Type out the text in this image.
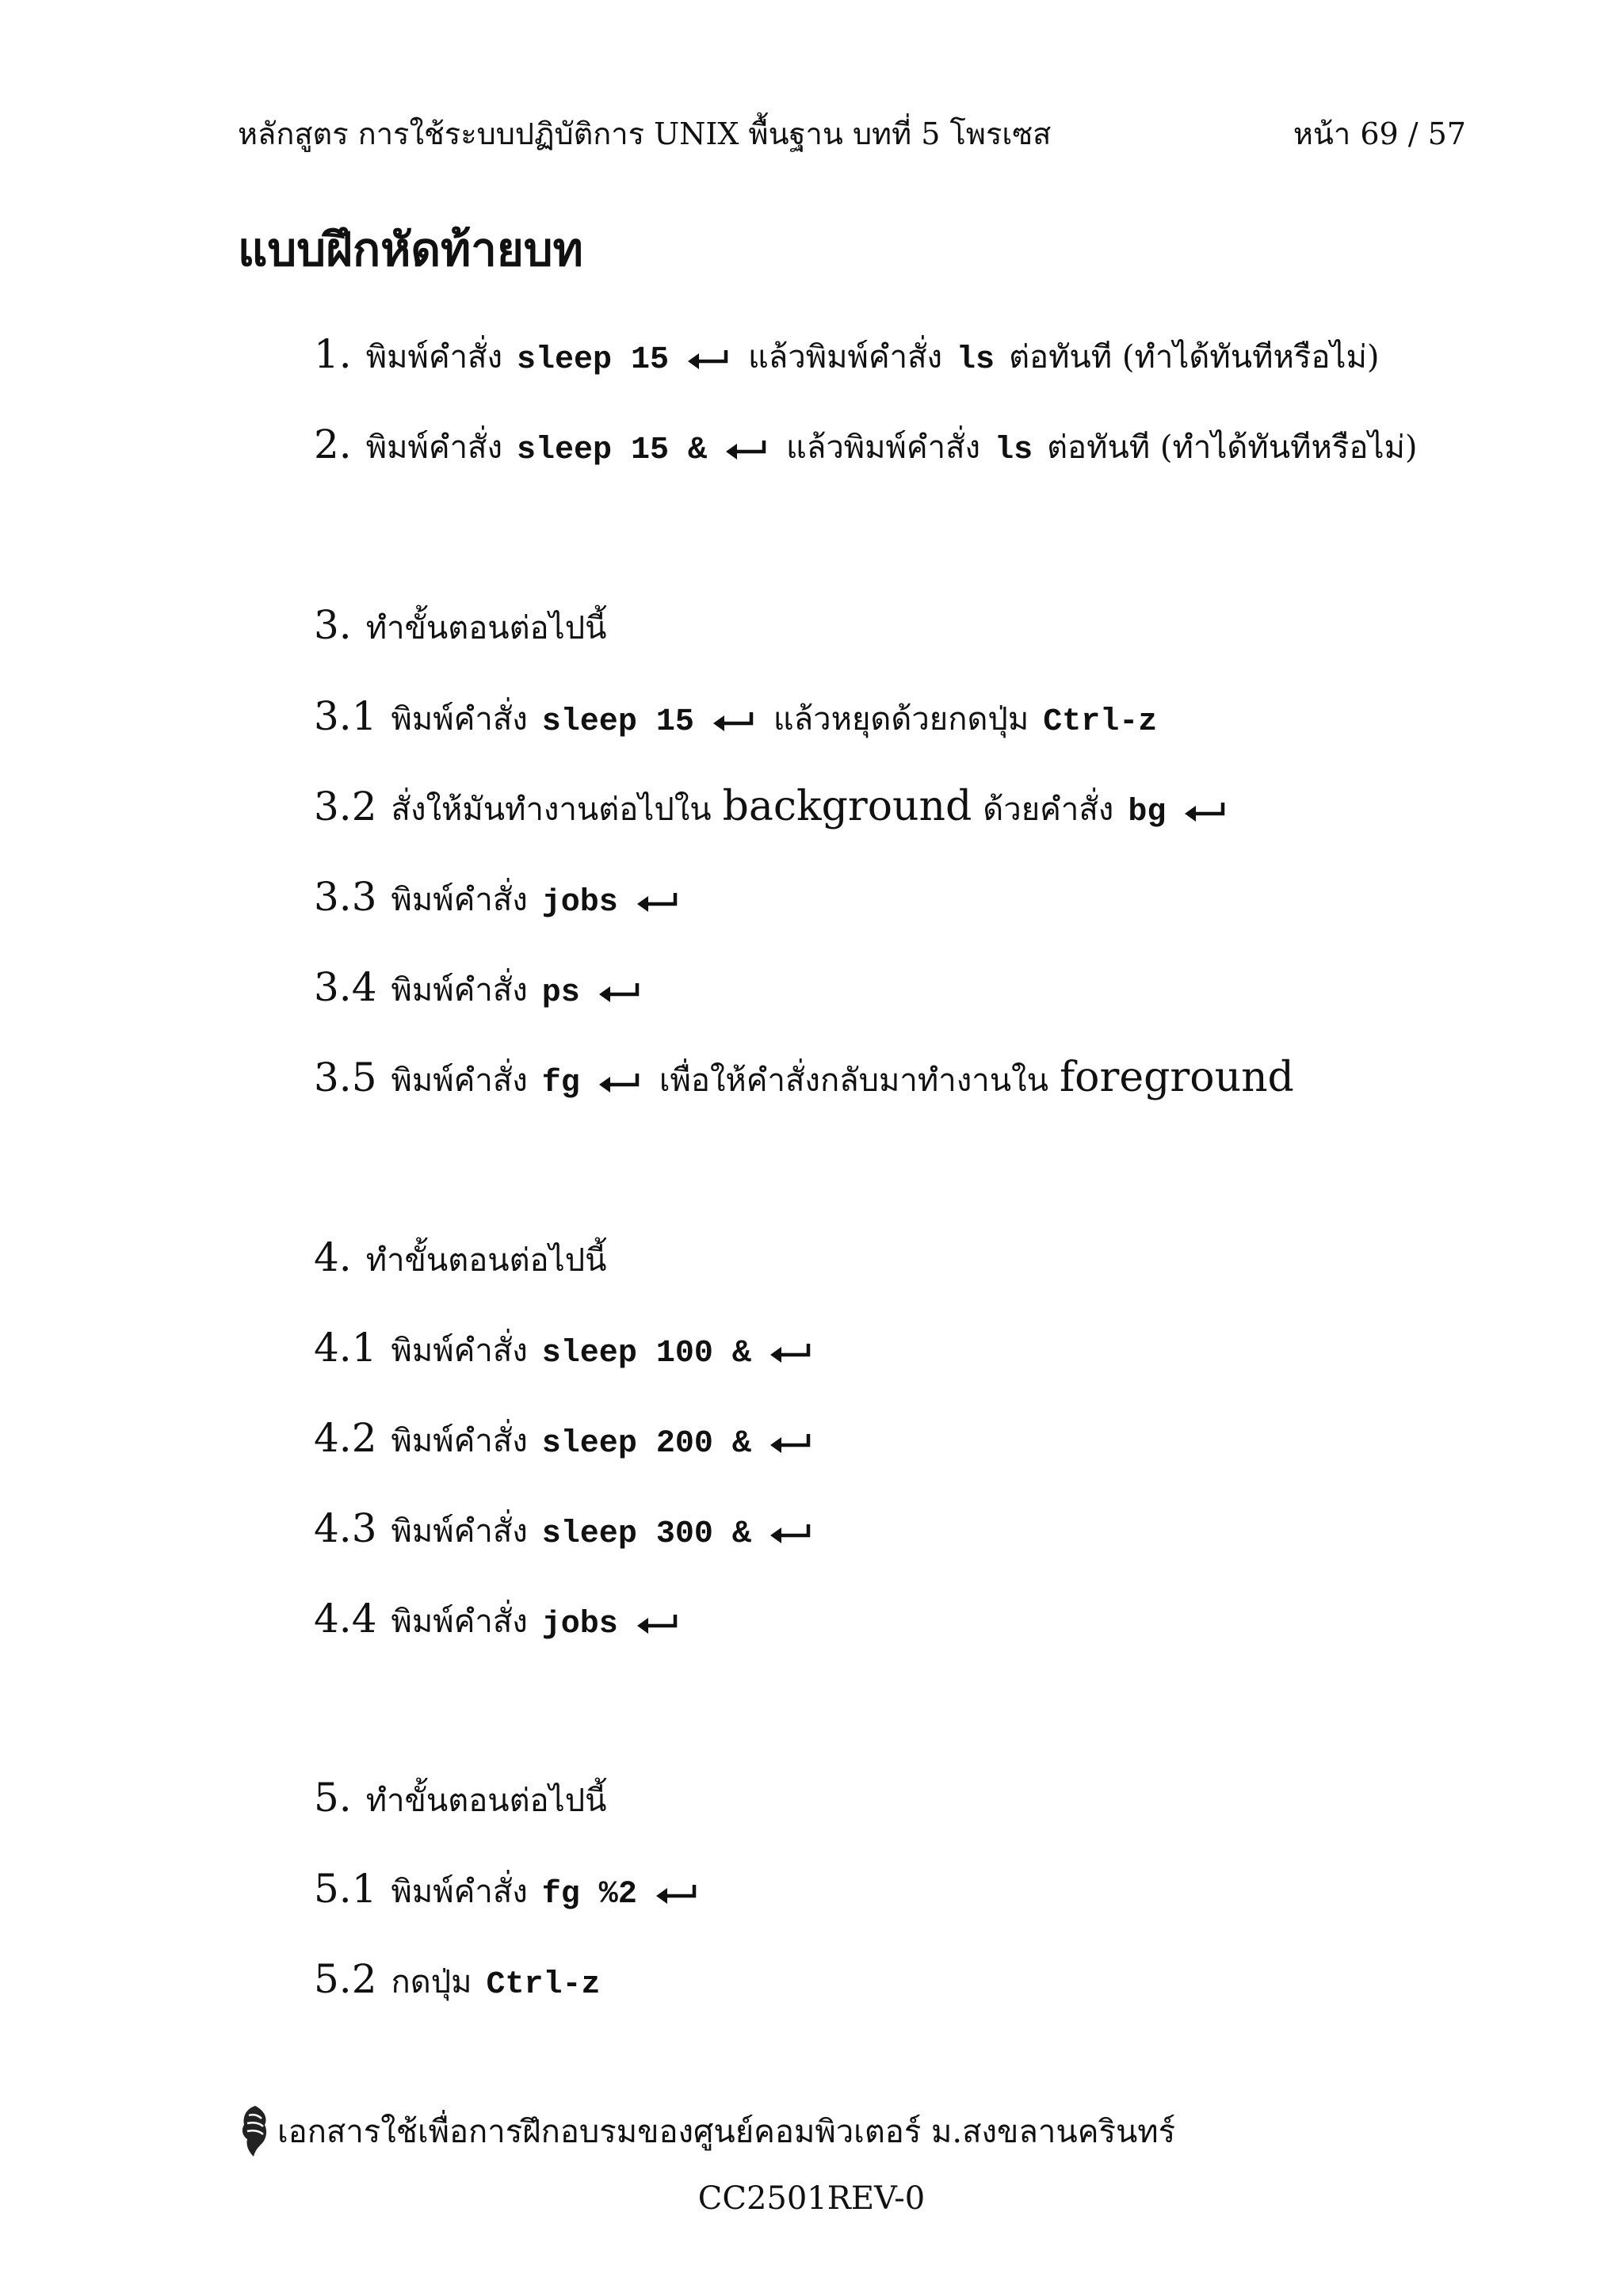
หลักสูตร การใช้ระบบปฏิบัติการ UNIX พื้นฐาน บทที่ 5 โพรเซส	หน้า 69 / 57
แบบฝึกหัดท้ายบท
1. พิมพ์คำสั่ง sleep 15	แล้วพิมพ์คำสั่ง ls ต่อทันที (ทำได้ทันทีหรือไม่)
2. พิมพ์คำสั่ง sleep 15 &	แล้วพิมพ์คำสั่ง ls ต่อทันที (ทำได้ทันทีหรือไม่)
3. ทำขั้นตอนต่อไปนี้
3.1 พิมพ์คำสั่ง sleep 15	แล้วหยุดด้วยกดปุ่ม Ctrl-z
3.2 สั่งให้มันทำงานต่อไปใน background ด้วยคำสั่ง bg
3.3 พิมพ์คำสั่ง jobs
3.4 พิมพ์คำสั่ง ps
3.5 พิมพ์คำสั่ง fg	เพื่อให้คำสั่งกลับมาทำงานใน foreground
4. ทำขั้นตอนต่อไปนี้
4.1 พิมพ์คำสั่ง sleep 100 &
4.2 พิมพ์คำสั่ง sleep 200 &
4.3 พิมพ์คำสั่ง sleep 300 &
4.4 พิมพ์คำสั่ง jobs
5. ทำขั้นตอนต่อไปนี้
5.1 พิมพ์คำสั่ง fg %2
5.2 กดปุ่ม Ctrl-z
เอกสารใช้เพื่อการฝึกอบรมของศูนย์คอมพิวเตอร์ ม.สงขลานครินทร์
CC2501REV-0
